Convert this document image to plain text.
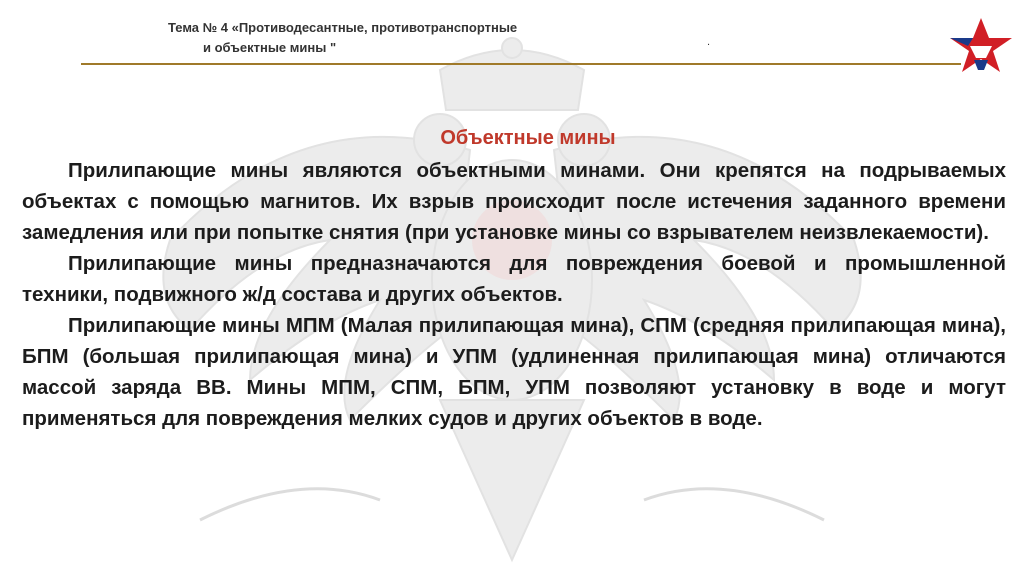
Тема № 4 «Противодесантные, противотранспортные
и объектные мины "	.
Объектные мины

Прилипающие мины являются объектными минами. Они крепятся на подрываемых объектах с помощью магнитов. Их взрыв происходит после истечения заданного времени замедления или при попытке снятия (при установке мины со взрывателем неизвлекаемости).

Прилипающие мины предназначаются для повреждения боевой и промышленной техники, подвижного ж/д состава и других объектов.

Прилипающие мины МПМ (Малая прилипающая мина), СПМ (средняя прилипающая мина), БПМ (большая прилипающая мина) и УПМ (удлиненная прилипающая мина) отличаются массой заряда ВВ. Мины МПМ, СПМ, БПМ, УПМ позволяют установку в воде и могут применяться для повреждения мелких судов и других объектов в воде.
